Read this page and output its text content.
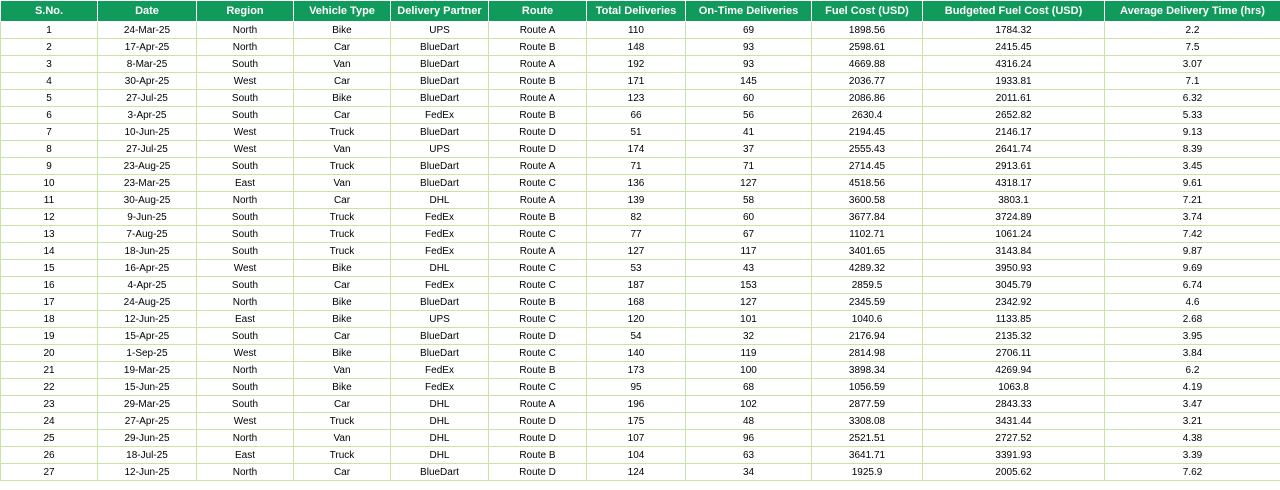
S.No.	Date	Region	Vehicle Type	Delivery Partner	Route	Total Deliveries	On-Time Deliveries	Fuel Cost (USD)	Budgeted Fuel Cost (USD)	Average Delivery Time (hrs)
1	24-Mar-25	North	Bike	UPS	Route A	110	69	1898.56	1784.32	2.2
2	17-Apr-25	North	Car	BlueDart	Route B	148	93	2598.61	2415.45	7.5
3	8-Mar-25	South	Van	BlueDart	Route A	192	93	4669.88	4316.24	3.07
4	30-Apr-25	West	Car	BlueDart	Route B	171	145	2036.77	1933.81	7.1
5	27-Jul-25	South	Bike	BlueDart	Route A	123	60	2086.86	2011.61	6.32
6	3-Apr-25	South	Car	FedEx	Route B	66	56	2630.4	2652.82	5.33
7	10-Jun-25	West	Truck	BlueDart	Route D	51	41	2194.45	2146.17	9.13
8	27-Jul-25	West	Van	UPS	Route D	174	37	2555.43	2641.74	8.39
9	23-Aug-25	South	Truck	BlueDart	Route A	71	71	2714.45	2913.61	3.45
10	23-Mar-25	East	Van	BlueDart	Route C	136	127	4518.56	4318.17	9.61
11	30-Aug-25	North	Car	DHL	Route A	139	58	3600.58	3803.1	7.21
12	9-Jun-25	South	Truck	FedEx	Route B	82	60	3677.84	3724.89	3.74
13	7-Aug-25	South	Truck	FedEx	Route C	77	67	1102.71	1061.24	7.42
14	18-Jun-25	South	Truck	FedEx	Route A	127	117	3401.65	3143.84	9.87
15	16-Apr-25	West	Bike	DHL	Route C	53	43	4289.32	3950.93	9.69
16	4-Apr-25	South	Car	FedEx	Route C	187	153	2859.5	3045.79	6.74
17	24-Aug-25	North	Bike	BlueDart	Route B	168	127	2345.59	2342.92	4.6
18	12-Jun-25	East	Bike	UPS	Route C	120	101	1040.6	1133.85	2.68
19	15-Apr-25	South	Car	BlueDart	Route D	54	32	2176.94	2135.32	3.95
20	1-Sep-25	West	Bike	BlueDart	Route C	140	119	2814.98	2706.11	3.84
21	19-Mar-25	North	Van	FedEx	Route B	173	100	3898.34	4269.94	6.2
22	15-Jun-25	South	Bike	FedEx	Route C	95	68	1056.59	1063.8	4.19
23	29-Mar-25	South	Car	DHL	Route A	196	102	2877.59	2843.33	3.47
24	27-Apr-25	West	Truck	DHL	Route D	175	48	3308.08	3431.44	3.21
25	29-Jun-25	North	Van	DHL	Route D	107	96	2521.51	2727.52	4.38
26	18-Jul-25	East	Truck	DHL	Route B	104	63	3641.71	3391.93	3.39
27	12-Jun-25	North	Car	BlueDart	Route D	124	34	1925.9	2005.62	7.62
